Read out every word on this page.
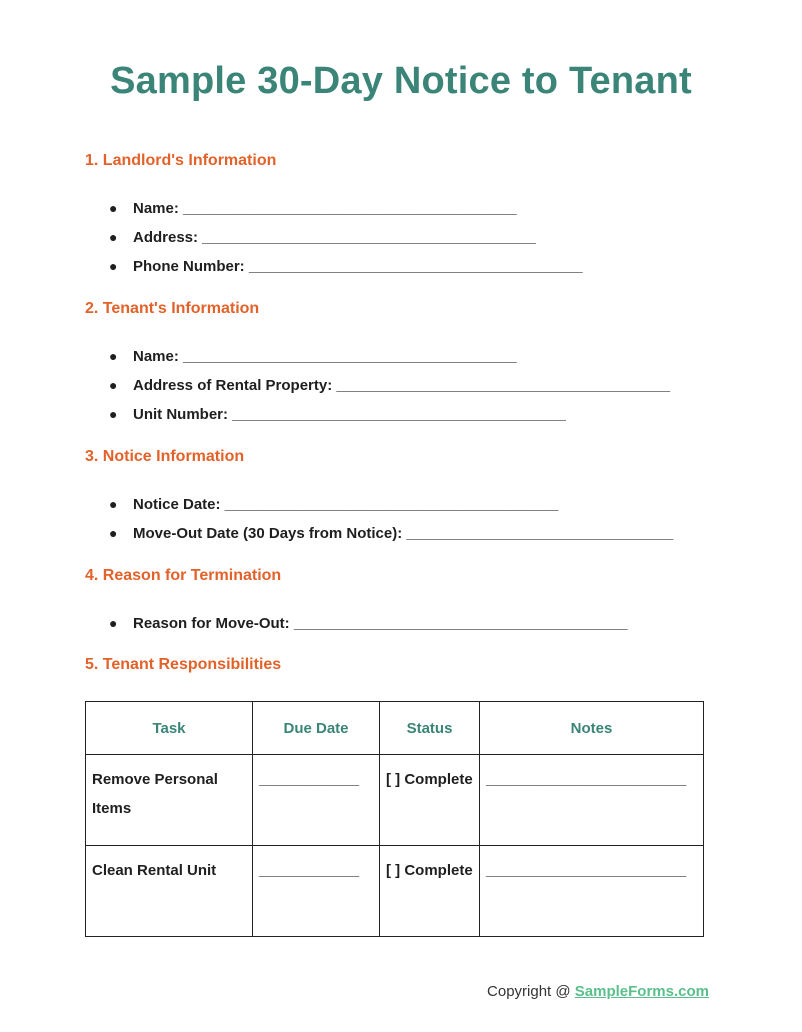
Sample 30-Day Notice to Tenant

1. Landlord's Information

● Name: ________________________________________
● Address: ________________________________________
● Phone Number: ________________________________________

2. Tenant's Information

● Name: ________________________________________
● Address of Rental Property: ________________________________________
● Unit Number: ________________________________________

3. Notice Information

● Notice Date: ________________________________________
● Move-Out Date (30 Days from Notice): ________________________________

4. Reason for Termination

● Reason for Move-Out: ________________________________________

5. Tenant Responsibilities

Task	Due Date	Status	Notes
Remove Personal Items	____________	[ ] Complete	________________________
Clean Rental Unit	____________	[ ] Complete	________________________
Copyright @ SampleForms.com
